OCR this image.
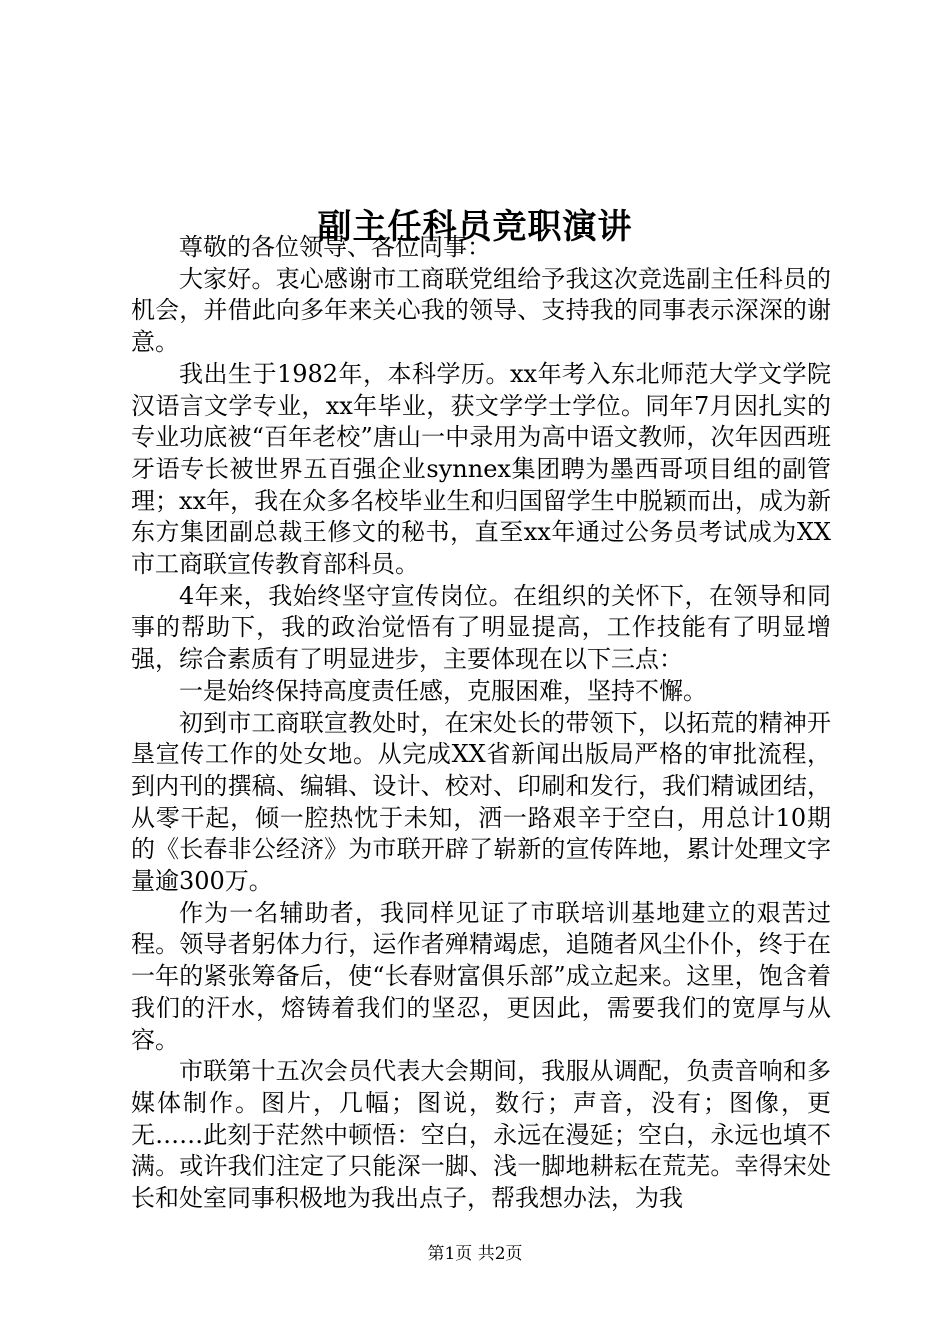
副主任科员竞职演讲

尊敬的各位领导、各位同事：

大家好。衷心感谢市工商联党组给予我这次竞选副主任科员的机会，并借此向多年来关心我的领导、支持我的同事表示深深的谢意。

我出生于1982年，本科学历。xx年考入东北师范大学文学院汉语言文学专业，xx年毕业，获文学学士学位。同年7月因扎实的专业功底被“百年老校”唐山一中录用为高中语文教师，次年因西班牙语专长被世界五百强企业synnex集团聘为墨西哥项目组的副管理；xx年，我在众多名校毕业生和归国留学生中脱颖而出，成为新东方集团副总裁王修文的秘书，直至xx年通过公务员考试成为XX市工商联宣传教育部科员。

4年来，我始终坚守宣传岗位。在组织的关怀下，在领导和同事的帮助下，我的政治觉悟有了明显提高，工作技能有了明显增强，综合素质有了明显进步，主要体现在以下三点：

一是始终保持高度责任感，克服困难，坚持不懈。

初到市工商联宣教处时，在宋处长的带领下，以拓荒的精神开垦宣传工作的处女地。从完成XX省新闻出版局严格的审批流程，到内刊的撰稿、编辑、设计、校对、印刷和发行，我们精诚团结，从零干起，倾一腔热忱于未知，洒一路艰辛于空白，用总计10期的《长春非公经济》为市联开辟了崭新的宣传阵地，累计处理文字量逾300万。

作为一名辅助者，我同样见证了市联培训基地建立的艰苦过程。领导者躬体力行，运作者殚精竭虑，追随者风尘仆仆，终于在一年的紧张筹备后，使“长春财富俱乐部”成立起来。这里，饱含着我们的汗水，熔铸着我们的坚忍，更因此，需要我们的宽厚与从容。

市联第十五次会员代表大会期间，我服从调配，负责音响和多媒体制作。图片，几幅；图说，数行；声音，没有；图像，更无……此刻于茫然中顿悟：空白，永远在漫延；空白，永远也填不满。或许我们注定了只能深一脚、浅一脚地耕耘在荒芜。幸得宋处长和处室同事积极地为我出点子，帮我想办法，为我

第1页 共2页
